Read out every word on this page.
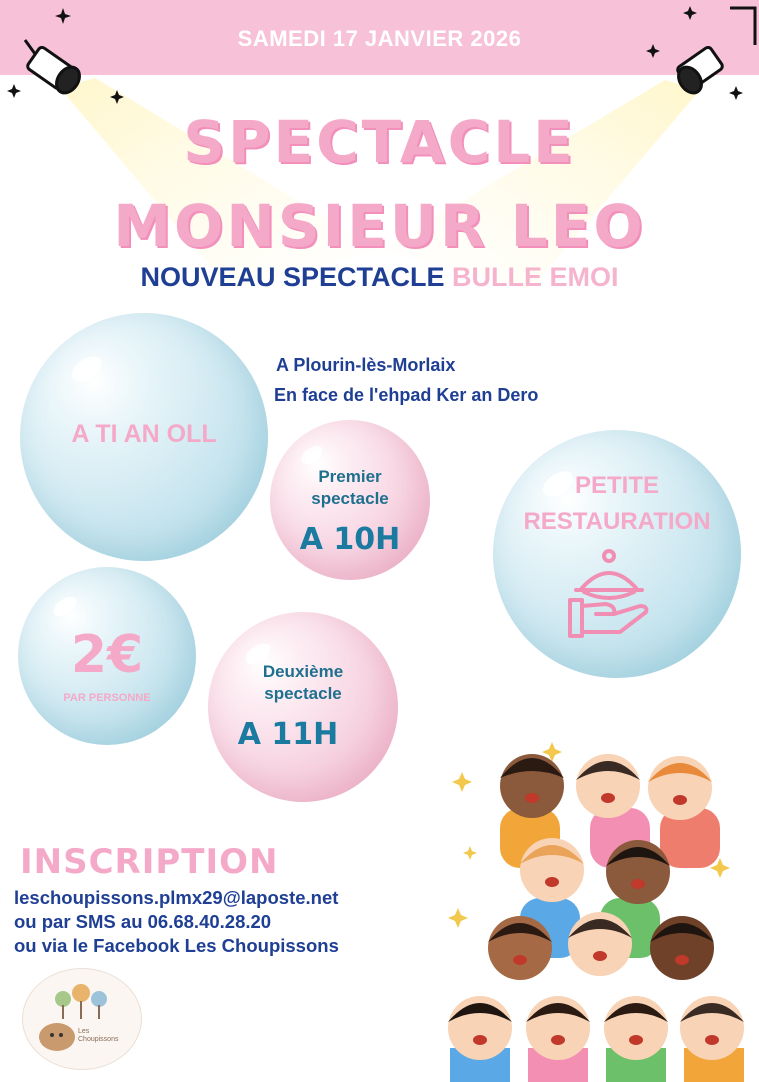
SAMEDI 17 JANVIER 2026
SPECTACLE
MONSIEUR LEO
NOUVEAU SPECTACLE BULLE EMOI
A Plourin-lès-Morlaix
En face de l'ehpad Ker an Dero
A TI AN OLL
Premier
spectacle
A 10H
PETITE
RESTAURATION
2€
PAR PERSONNE
Deuxième
spectacle
A 11H
INSCRIPTION
leschoupissons.plmx29@laposte.net
ou par SMS au 06.68.40.28.20
ou via le Facebook Les Choupissons
Les Choupissons
